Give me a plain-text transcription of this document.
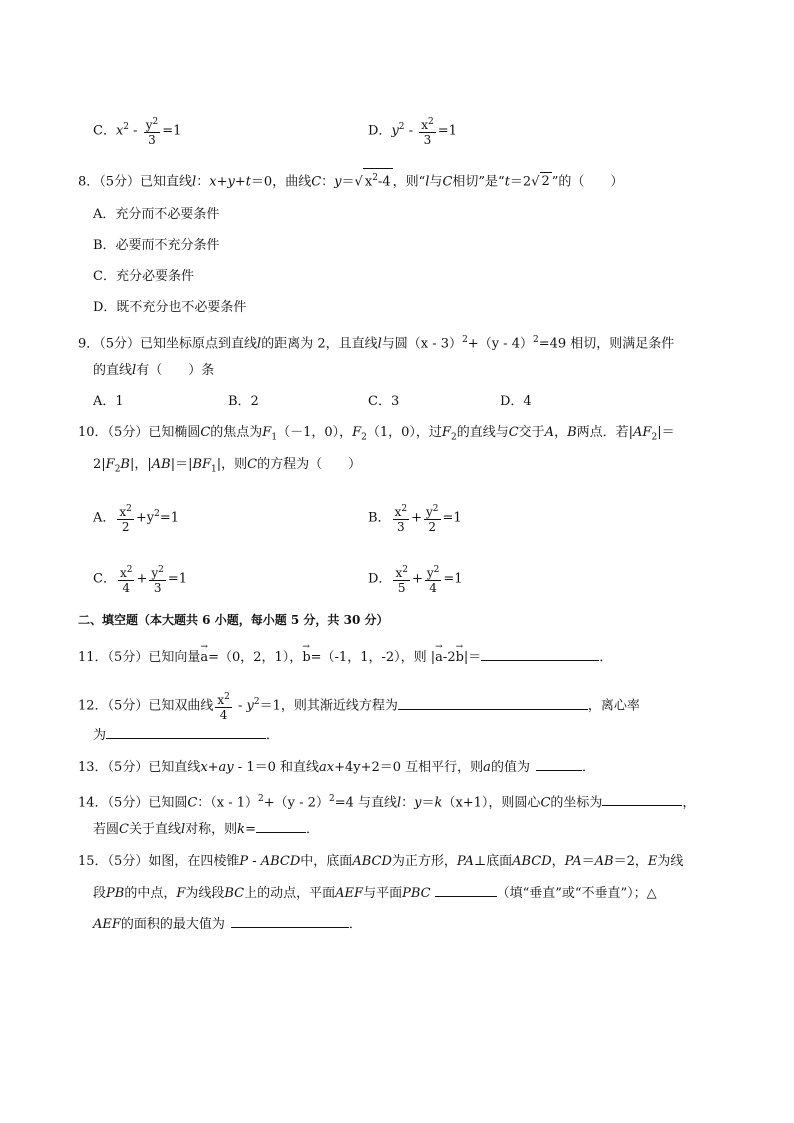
C．$x^2 - \frac{y^2}{3} =1$	D．$y^2 - \frac{x^2}{3} =1$
8．（5分）已知直线l：x+y+t＝0，曲线C：y＝√ $x^2-4$ ，则“l与C相切”是“t＝2√ 2 ”的（　　）
A．充分而不必要条件
B．必要而不充分条件
C．充分必要条件
D．既不充分也不必要条件
9．（5分）已知坐标原点到直线l的距离为 2，且直线l与圆（x - 3）$^2$+（y - 4）$^2$=49 相切，则满足条件
的直线l有（　　）条
A．1	B．2	C．3	D．4
10．（5分）已知椭圆C的焦点为$F_1(-1$，0），$F_2(1$，0），过$F_2$的直线与C交于A，B两点．若$|AF_2|=$
$2|F_2B|$，$|AB|=|BF_1|$，则C的方程为（　　）
A． $\frac{x^2}{2} +y^2=1$	B． $\frac{x^2}{3} + \frac{y^2}{2} =1$
C． $\frac{x^2}{4} + \frac{y^2}{3} =1$	D． $\frac{x^2}{5} + \frac{y^2}{4} =1$
二、填空题（本大题共 6 小题，每小题 5 分，共 30 分）
11．（5分）已知向量→ a=（0，2，1），→ b=（-1，1，-2），则 |→ a-2→ b|＝	．
12．（5分）已知双曲线 $\frac{x^2}{4} - y^2=1$，则其渐近线方程为	，离心率
为	．
13．（5分）已知直线x+ay - 1＝0 和直线ax+4y+2＝0 互相平行，则a的值为	．
14．（5分）已知圆C：（x - 1）$^2$+（y - 2）$^2$=4 与直线l：y＝k（x+1），则圆心C的坐标为	，
若圆C关于直线l对称，则k=	．
15．（5分）如图，在四棱锥P - ABCD中，底面ABCD为正方形，PA⊥底面ABCD，PA＝AB＝2，E为线
段PB的中点，F为线段BC上的动点，平面AEF与平面PBC	（填“垂直”或“不垂直”）；△
AEF的面积的最大值为	．
